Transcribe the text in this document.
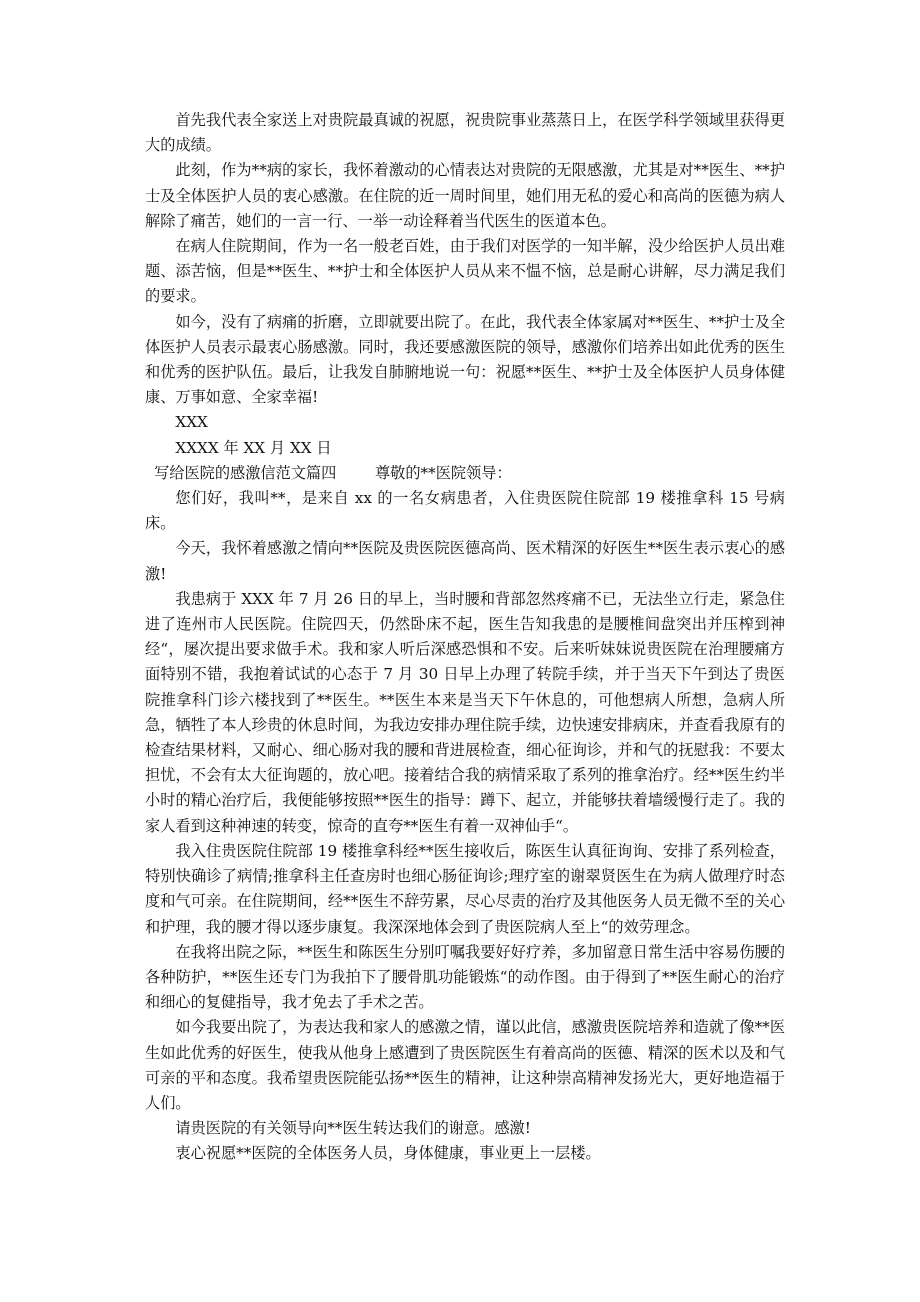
首先我代表全家送上对贵院最真诚的祝愿，祝贵院事业蒸蒸日上，在医学科学领域里获得更大的成绩。

此刻，作为**病的家长，我怀着激动的心情表达对贵院的无限感激，尤其是对**医生、**护士及全体医护人员的衷心感激。在住院的近一周时间里，她们用无私的爱心和高尚的医德为病人解除了痛苦，她们的一言一行、一举一动诠释着当代医生的医道本色。

在病人住院期间，作为一名一般老百姓，由于我们对医学的一知半解，没少给医护人员出难题、添苦恼，但是**医生、**护士和全体医护人员从来不愠不恼，总是耐心讲解，尽力满足我们的要求。

如今，没有了病痛的折磨，立即就要出院了。在此，我代表全体家属对**医生、**护士及全体医护人员表示最衷心肠感激。同时，我还要感激医院的领导，感激你们培养出如此优秀的医生和优秀的医护队伍。最后，让我发自肺腑地说一句：祝愿**医生、**护士及全体医护人员身体健康、万事如意、全家幸福!

XXX

XXXX 年 XX 月 XX 日

写给医院的感激信范文篇四        尊敬的**医院领导：

您们好，我叫**，是来自 xx 的一名女病患者，入住贵医院住院部 19 楼推拿科 15 号病床。

今天，我怀着感激之情向**医院及贵医院医德高尚、医术精深的好医生**医生表示衷心的感激!

我患病于 XXX 年 7 月 26 日的早上，当时腰和背部忽然疼痛不已，无法坐立行走，紧急住进了连州市人民医院。住院四天，仍然卧床不起，医生告知我患的是腰椎间盘突出并压榨到神经“，屡次提出要求做手术。我和家人听后深感恐惧和不安。后来听妹妹说贵医院在治理腰痛方面特别不错，我抱着试试的心态于 7 月 30 日早上办理了转院手续，并于当天下午到达了贵医院推拿科门诊六楼找到了**医生。**医生本来是当天下午休息的，可他想病人所想，急病人所急，牺牲了本人珍贵的休息时间，为我边安排办理住院手续，边快速安排病床，并查看我原有的检查结果材料，又耐心、细心肠对我的腰和背进展检查，细心征询诊，并和气的抚慰我：不要太担忧，不会有太大征询题的，放心吧。接着结合我的病情采取了系列的推拿治疗。经**医生约半小时的精心治疗后，我便能够按照**医生的指导：蹲下、起立，并能够扶着墙缓慢行走了。我的家人看到这种神速的转变，惊奇的直夸**医生有着一双神仙手“。

我入住贵医院住院部 19 楼推拿科经**医生接收后，陈医生认真征询询、安排了系列检查，特别快确诊了病情;推拿科主任查房时也细心肠征询诊;理疗室的谢翠贤医生在为病人做理疗时态度和气可亲。在住院期间，经**医生不辞劳累，尽心尽责的治疗及其他医务人员无微不至的关心和护理，我的腰才得以逐步康复。我深深地体会到了贵医院病人至上“的效劳理念。

在我将出院之际，**医生和陈医生分别叮嘱我要好好疗养，多加留意日常生活中容易伤腰的各种防护，**医生还专门为我拍下了腰骨肌功能锻炼“的动作图。由于得到了**医生耐心的治疗和细心的复健指导，我才免去了手术之苦。

如今我要出院了，为表达我和家人的感激之情，谨以此信，感激贵医院培养和造就了像**医生如此优秀的好医生，使我从他身上感遭到了贵医院医生有着高尚的医德、精深的医术以及和气可亲的平和态度。我希望贵医院能弘扬**医生的精神，让这种崇高精神发扬光大，更好地造福于人们。

请贵医院的有关领导向**医生转达我们的谢意。感激!

衷心祝愿**医院的全体医务人员，身体健康，事业更上一层楼。
